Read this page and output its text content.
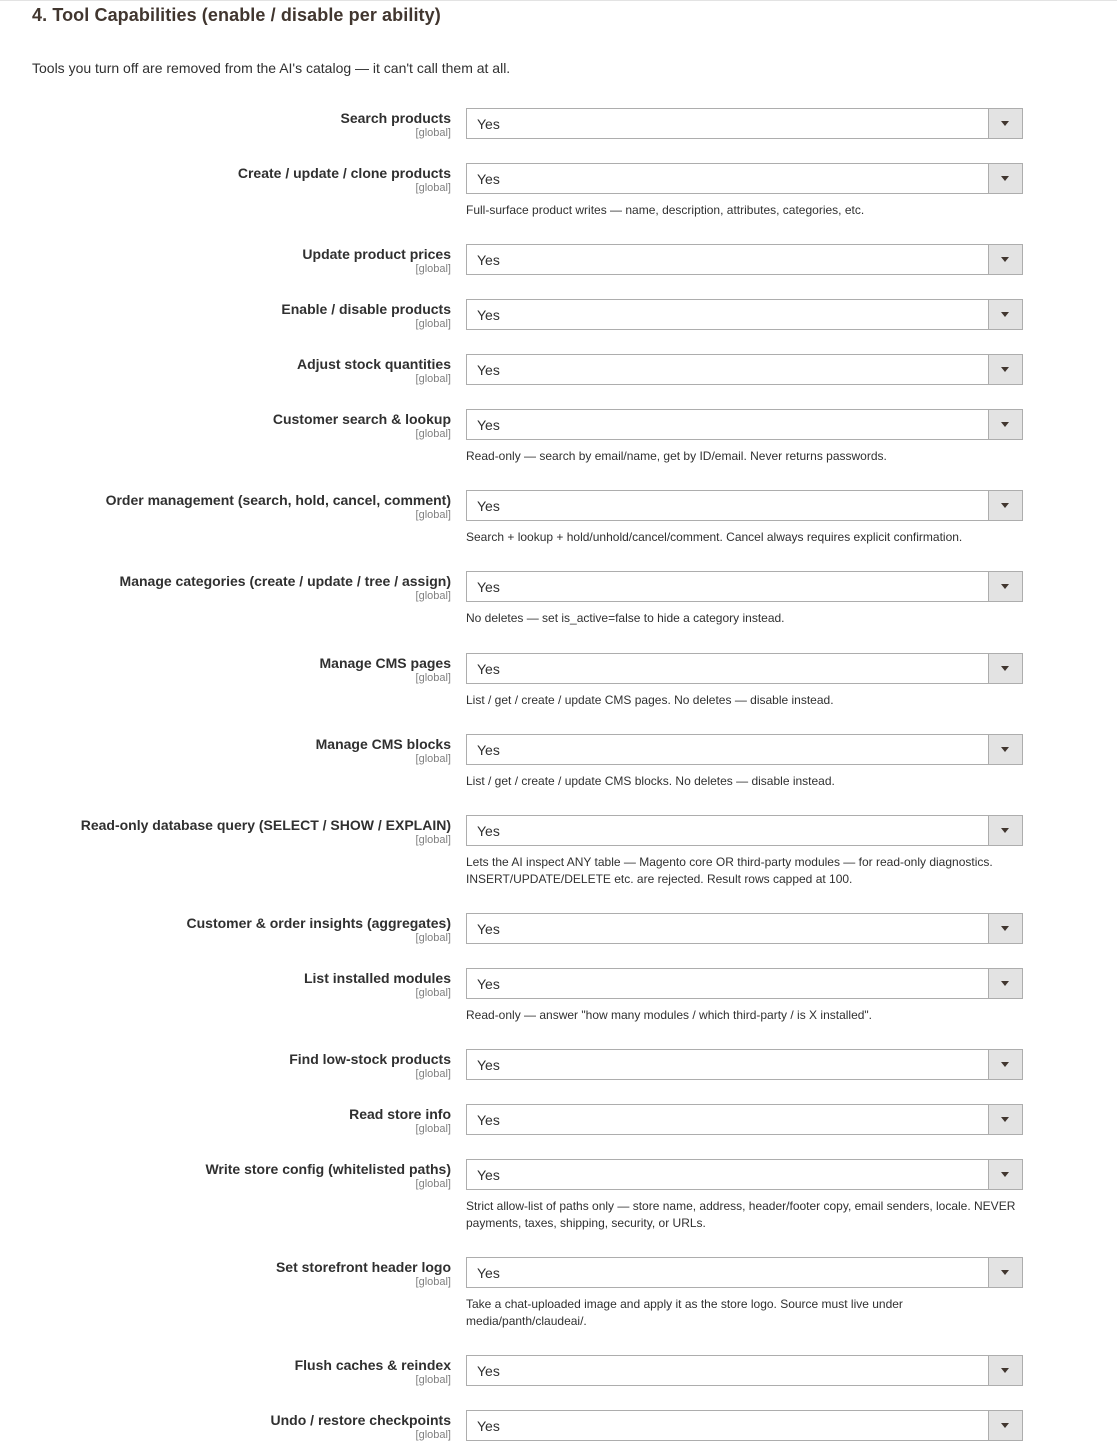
4. Tool Capabilities (enable / disable per ability)
Tools you turn off are removed from the AI's catalog — it can't call them at all.
Search products
[global]
Yes
Create / update / clone products
[global]
Yes
Full-surface product writes — name, description, attributes, categories, etc.
Update product prices
[global]
Yes
Enable / disable products
[global]
Yes
Adjust stock quantities
[global]
Yes
Customer search & lookup
[global]
Yes
Read-only — search by email/name, get by ID/email. Never returns passwords.
Order management (search, hold, cancel, comment)
[global]
Yes
Search + lookup + hold/unhold/cancel/comment. Cancel always requires explicit confirmation.
Manage categories (create / update / tree / assign)
[global]
Yes
No deletes — set is_active=false to hide a category instead.
Manage CMS pages
[global]
Yes
List / get / create / update CMS pages. No deletes — disable instead.
Manage CMS blocks
[global]
Yes
List / get / create / update CMS blocks. No deletes — disable instead.
Read-only database query (SELECT / SHOW / EXPLAIN)
[global]
Yes
Lets the AI inspect ANY table — Magento core OR third-party modules — for read-only diagnostics. INSERT/UPDATE/DELETE etc. are rejected. Result rows capped at 100.
Customer & order insights (aggregates)
[global]
Yes
List installed modules
[global]
Yes
Read-only — answer "how many modules / which third-party / is X installed".
Find low-stock products
[global]
Yes
Read store info
[global]
Yes
Write store config (whitelisted paths)
[global]
Yes
Strict allow-list of paths only — store name, address, header/footer copy, email senders, locale. NEVER payments, taxes, shipping, security, or URLs.
Set storefront header logo
[global]
Yes
Take a chat-uploaded image and apply it as the store logo. Source must live under media/panth/claudeai/.
Flush caches & reindex
[global]
Yes
Undo / restore checkpoints
[global]
Yes
